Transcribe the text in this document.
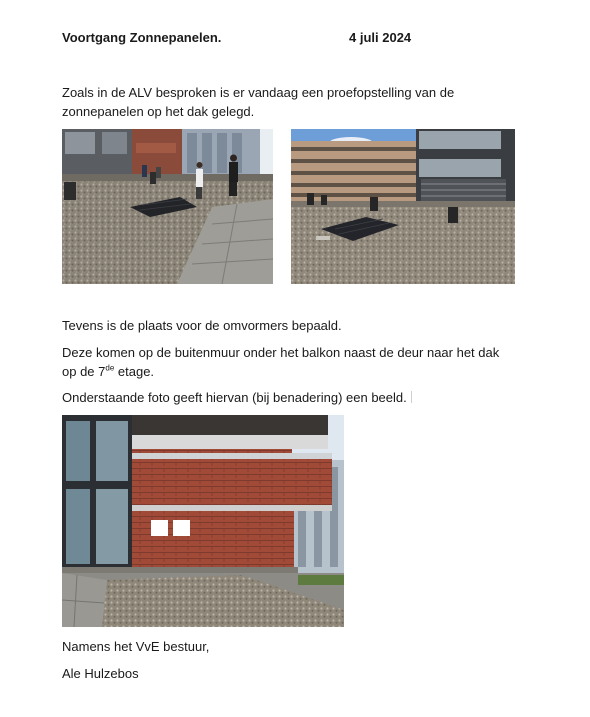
Voortgang Zonnepanelen.	4 juli 2024
Zoals in de ALV besproken is er vandaag een proefopstelling van de
zonnepanelen op het dak gelegd.
Tevens is de plaats voor de omvormers bepaald.
Deze komen op de buitenmuur onder het balkon naast de deur naar het dak
op de 7de etage.
Onderstaande foto geeft hiervan (bij benadering) een beeld.
Namens het VvE bestuur,
Ale Hulzebos
